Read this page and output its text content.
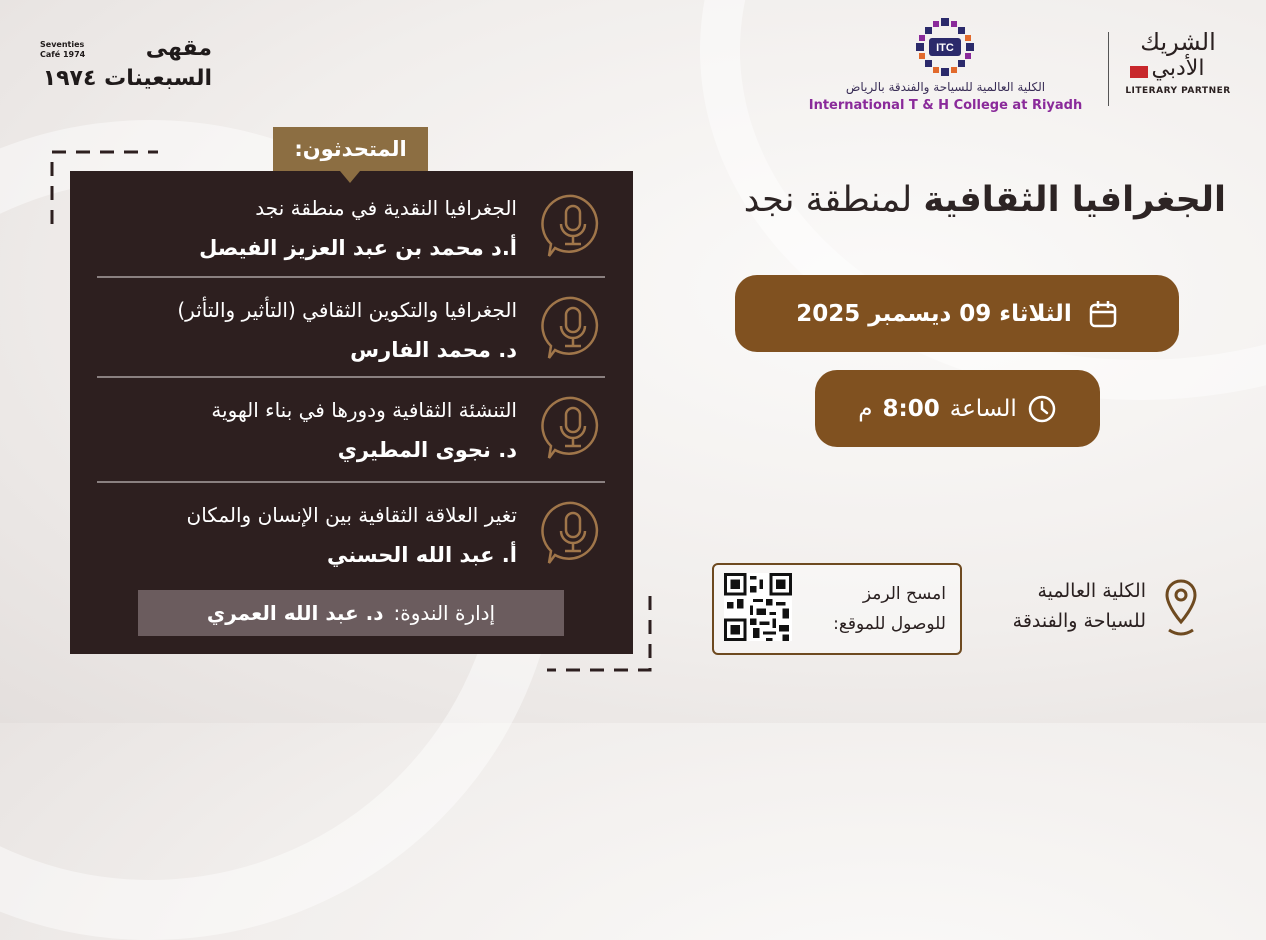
مقهى
السبعينات ١٩٧٤
Seventies
Café 1974
ITC
الكلية العالمية للسياحة والفندقة بالرياض
International T & H College at Riyadh
الشريك
الأدبي
LITERARY PARTNER
الجغرافيا الثقافية لمنطقة نجد
الثلاثاء 09 ديسمبر 2025
الساعة
8:00
م
المتحدثون:
الجغرافيا النقدية في منطقة نجد
أ.د محمد بن عبد العزيز الفيصل
الجغرافيا والتكوين الثقافي (التأثير والتأثر)
د. محمد الفارس
التنشئة الثقافية ودورها في بناء الهوية
د. نجوى المطيري
تغير العلاقة الثقافية بين الإنسان والمكان
أ. عبد الله الحسني
إدارة الندوة:
د. عبد الله العمري
امسح الرمز
للوصول للموقع:
الكلية العالمية
للسياحة والفندقة
